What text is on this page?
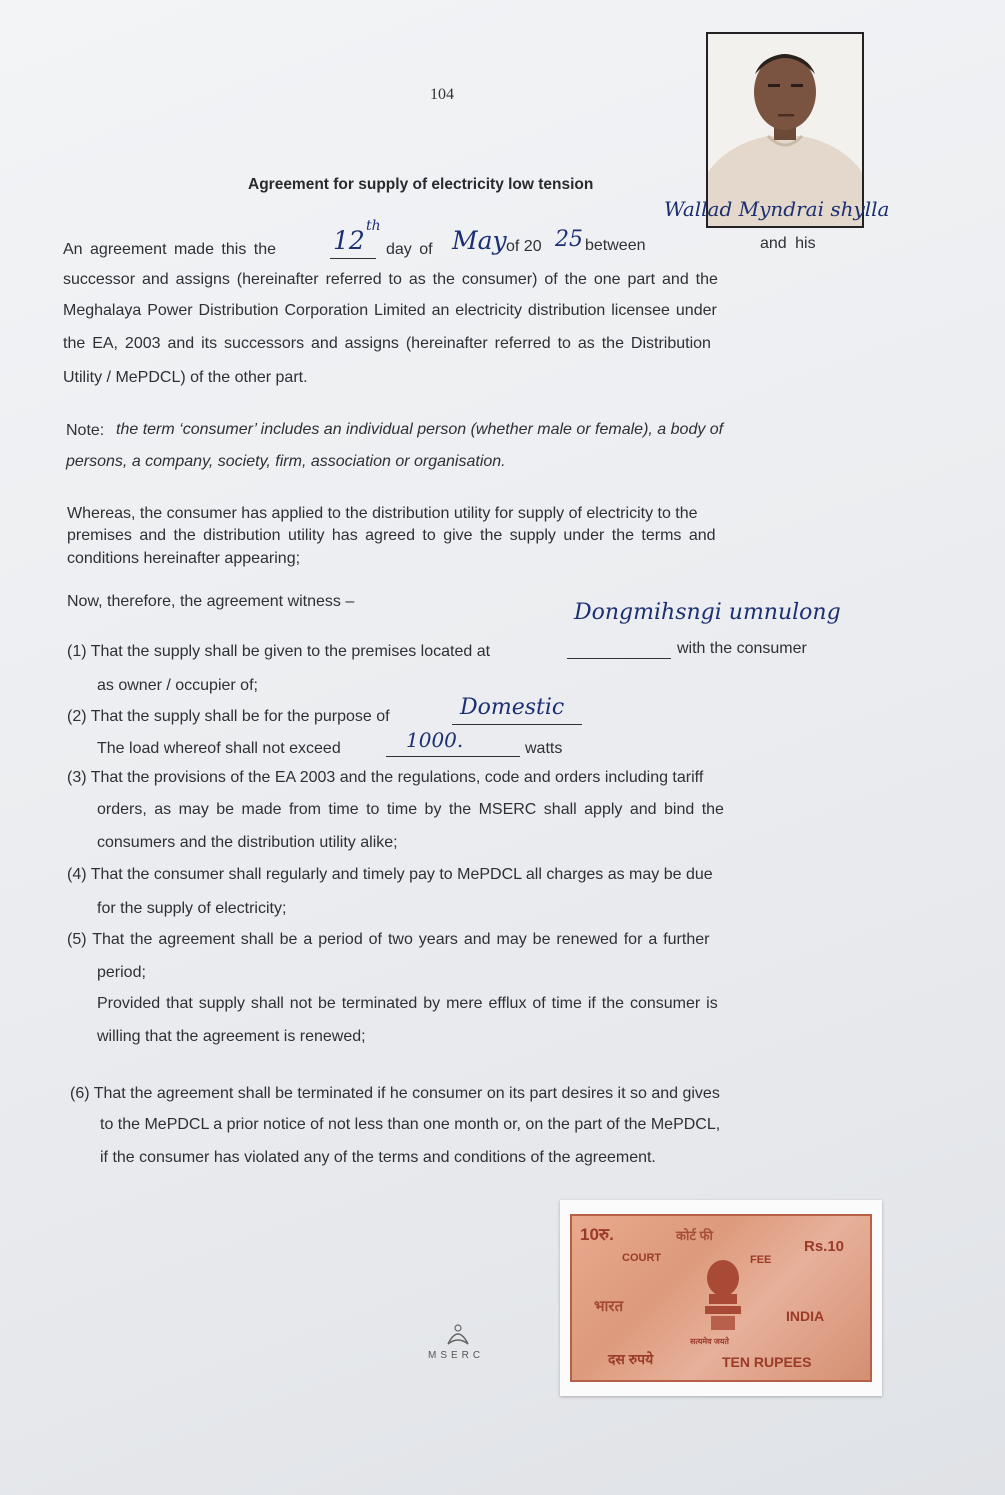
104
Agreement for supply of electricity low tension
An agreement made this the 12 th
day of May of 20 25 between
Wallad Myndrai shylla
and his
successor and assigns (hereinafter referred to as the consumer) of the one part and the
Meghalaya Power Distribution Corporation Limited an electricity distribution licensee under
the EA, 2003 and its successors and assigns (hereinafter referred to as the Distribution
Utility / MePDCL) of the other part.
Note: the term ‘consumer’ includes an individual person (whether male or female), a body of
persons, a company, society, firm, association or organisation.
Whereas, the consumer has applied to the distribution utility for supply of electricity to the
premises and the distribution utility has agreed to give the supply under the terms and
conditions hereinafter appearing;
Now, therefore, the agreement witness –	Dongmihsngi umnulong
(1) That the supply shall be given to the premises located at	with the consumer
as owner / occupier of;
(2) That the supply shall be for the purpose of	Domestic
The load whereof shall not exceed	1000.	watts
(3) That the provisions of the EA 2003 and the regulations, code and orders including tariff
orders, as may be made from time to time by the MSERC shall apply and bind the
consumers and the distribution utility alike;
(4) That the consumer shall regularly and timely pay to MePDCL all charges as may be due
for the supply of electricity;
(5) That the agreement shall be a period of two years and may be renewed for a further
period;
Provided that supply shall not be terminated by mere efflux of time if the consumer is
willing that the agreement is renewed;
(6) That the agreement shall be terminated if he consumer on its part desires it so and gives
to the MePDCL a prior notice of not less than one month or, on the part of the MePDCL,
if the consumer has violated any of the terms and conditions of the agreement.
10रु.
COURT
कोर्ट फी
FEE
Rs.10
भारत
INDIA
सत्यमेव जयते
दस रुपये	TEN RUPEES
MSERC
